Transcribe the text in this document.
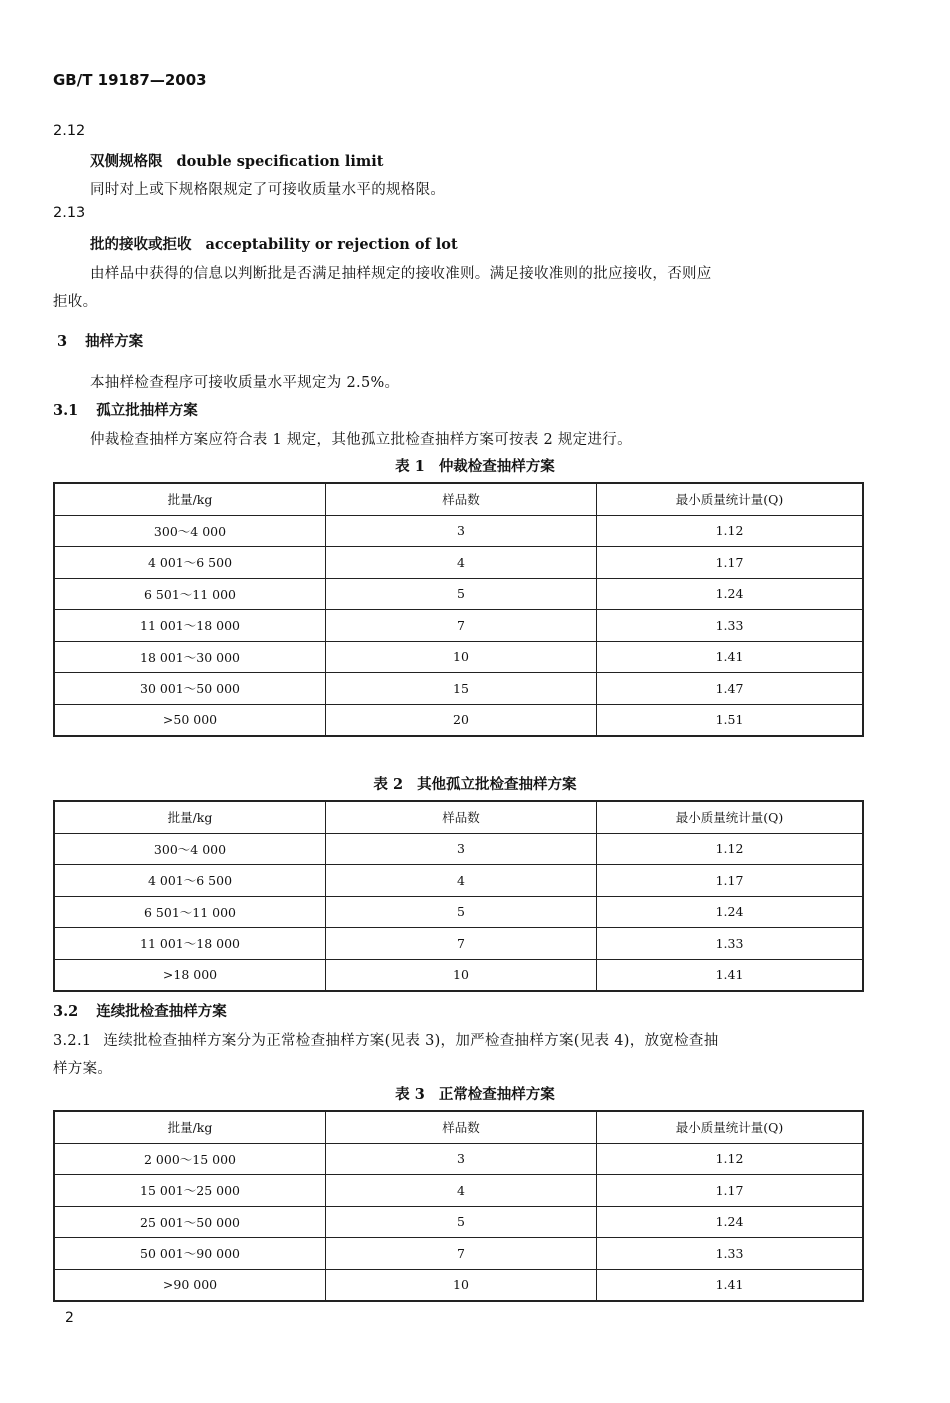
GB/T 19187—2003
2.12
双侧规格限 double specification limit
同时对上或下规格限规定了可接收质量水平的规格限。
2.13
批的接收或拒收 acceptability or rejection of lot
由样品中获得的信息以判断批是否满足抽样规定的接收准则。满足接收准则的批应接收，否则应
拒收。
3 抽样方案
本抽样检查程序可接收质量水平规定为 2.5%。
3.1 孤立批抽样方案
仲裁检查抽样方案应符合表 1 规定，其他孤立批检查抽样方案可按表 2 规定进行。
表 1 仲裁检查抽样方案
批量/kg	样品数	最小质量统计量(Q)
300～4 000	3	1.12
4 001～6 500	4	1.17
6 501～11 000	5	1.24
11 001～18 000	7	1.33
18 001～30 000	10	1.41
30 001～50 000	15	1.47
>50 000	20	1.51
表 2 其他孤立批检查抽样方案
批量/kg	样品数	最小质量统计量(Q)
300～4 000	3	1.12
4 001～6 500	4	1.17
6 501～11 000	5	1.24
11 001～18 000	7	1.33
>18 000	10	1.41
3.2 连续批检查抽样方案
3.2.1 连续批检查抽样方案分为正常检查抽样方案(见表 3)，加严检查抽样方案(见表 4)，放宽检查抽
样方案。
表 3 正常检查抽样方案
批量/kg	样品数	最小质量统计量(Q)
2 000～15 000	3	1.12
15 001～25 000	4	1.17
25 001～50 000	5	1.24
50 001～90 000	7	1.33
>90 000	10	1.41
2
